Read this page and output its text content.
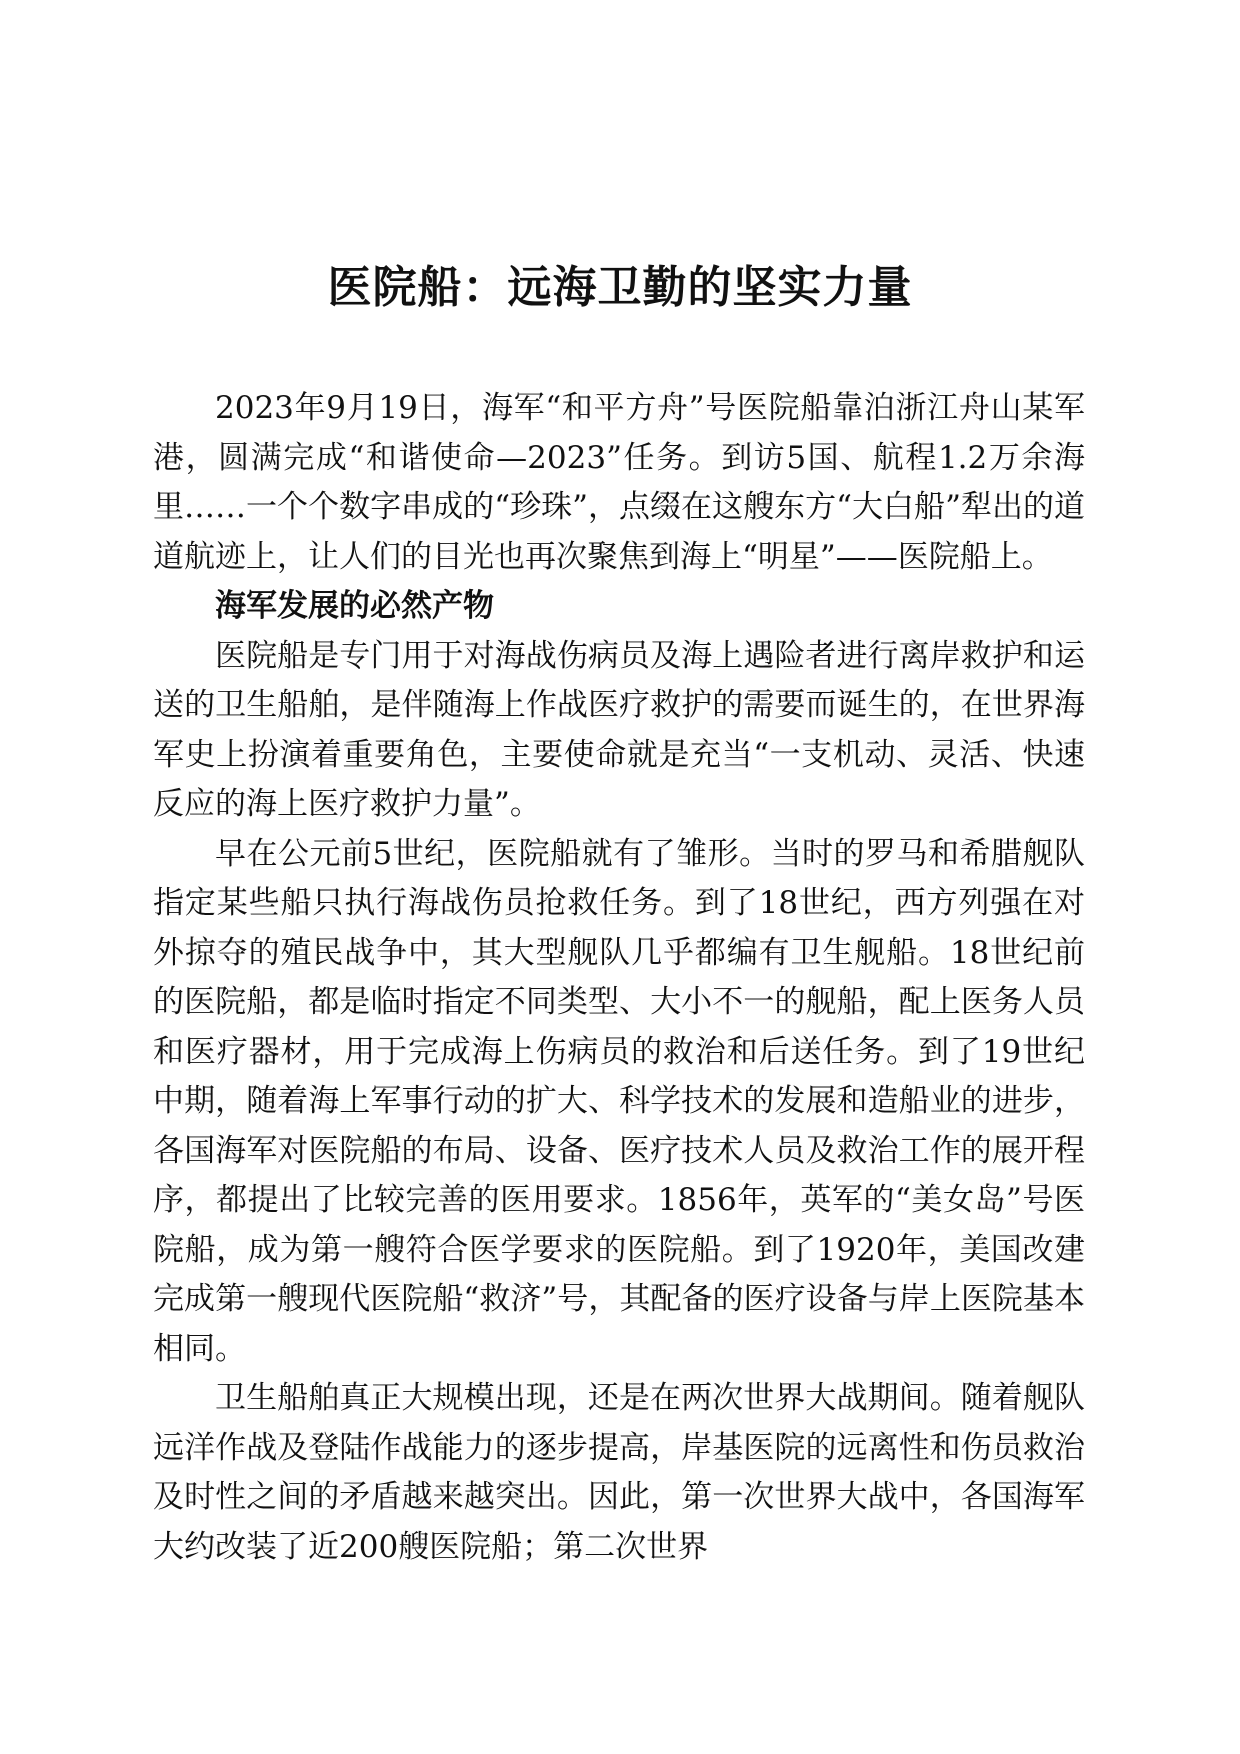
医院船：远海卫勤的坚实力量

2023年9月19日，海军“和平方舟”号医院船靠泊浙江舟山某军港，圆满完成“和谐使命—2023”任务。到访5国、航程1.2万余海里……一个个数字串成的“珍珠”，点缀在这艘东方“大白船”犁出的道道航迹上，让人们的目光也再次聚焦到海上“明星”——医院船上。

海军发展的必然产物

医院船是专门用于对海战伤病员及海上遇险者进行离岸救护和运送的卫生船舶，是伴随海上作战医疗救护的需要而诞生的，在世界海军史上扮演着重要角色，主要使命就是充当“一支机动、灵活、快速反应的海上医疗救护力量”。

早在公元前5世纪，医院船就有了雏形。当时的罗马和希腊舰队指定某些船只执行海战伤员抢救任务。到了18世纪，西方列强在对外掠夺的殖民战争中，其大型舰队几乎都编有卫生舰船。18世纪前的医院船，都是临时指定不同类型、大小不一的舰船，配上医务人员和医疗器材，用于完成海上伤病员的救治和后送任务。到了19世纪中期，随着海上军事行动的扩大、科学技术的发展和造船业的进步，各国海军对医院船的布局、设备、医疗技术人员及救治工作的展开程序，都提出了比较完善的医用要求。1856年，英军的“美女岛”号医院船，成为第一艘符合医学要求的医院船。到了1920年，美国改建完成第一艘现代医院船“救济”号，其配备的医疗设备与岸上医院基本相同。

卫生船舶真正大规模出现，还是在两次世界大战期间。随着舰队远洋作战及登陆作战能力的逐步提高，岸基医院的远离性和伤员救治及时性之间的矛盾越来越突出。因此，第一次世界大战中，各国海军大约改装了近200艘医院船；第二次世界
